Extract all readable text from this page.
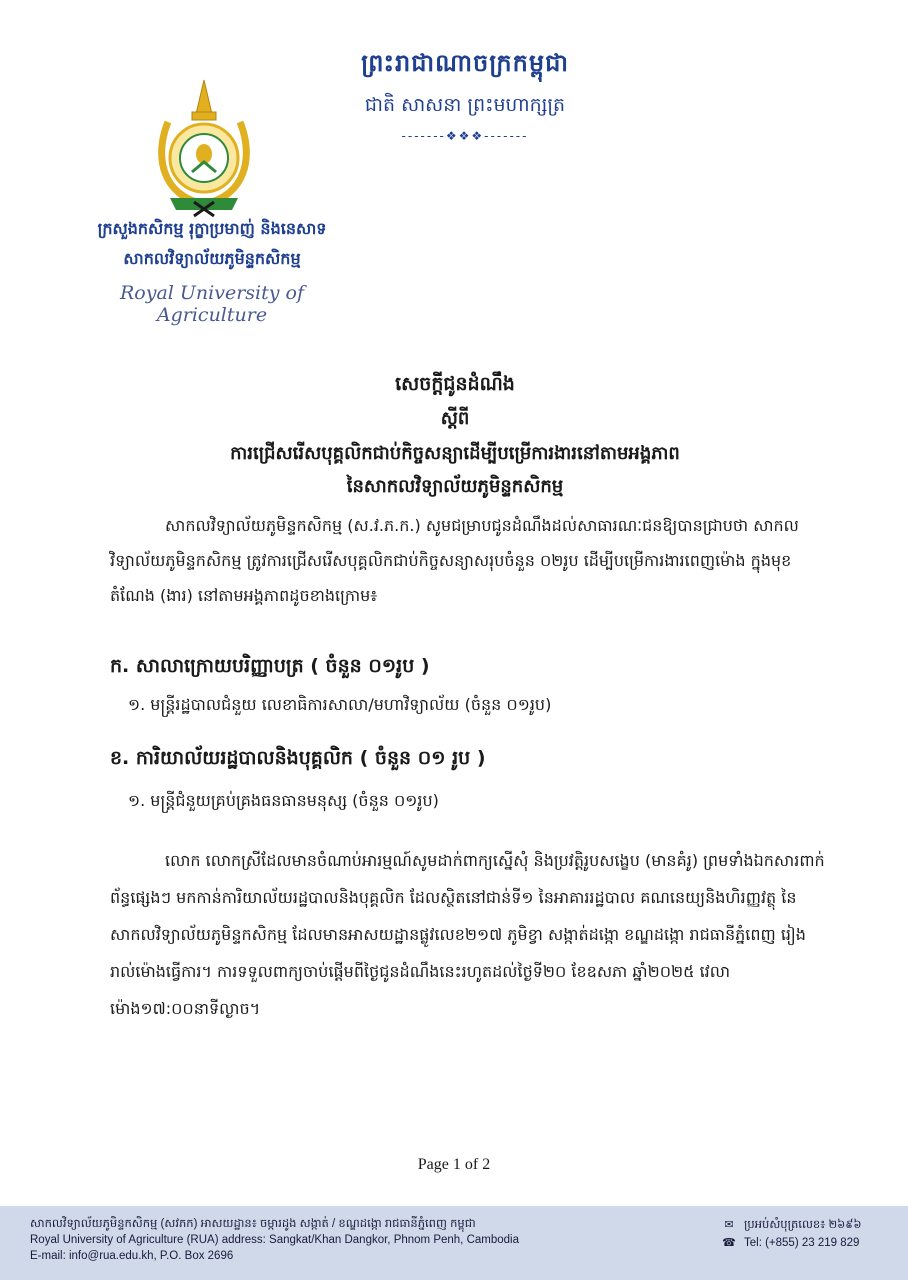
ព្រះរាជាណាចក្រកម្ពុជា
ជាតិ សាសនា ព្រះមហាក្សត្រ
-------❖❖❖-------
ក្រសួងកសិកម្ម រុក្ខាប្រមាញ់ និងនេសាទ
សាកលវិទ្យាល័យភូមិន្ទកសិកម្ម
Royal University of Agriculture
សេចក្តីជូនដំណឹង
ស្តីពី
ការជ្រើសរើសបុគ្គលិកជាប់កិច្ចសន្យាដើម្បីបម្រើការងារនៅតាមអង្គភាព
នៃសាកលវិទ្យាល័យភូមិន្ទកសិកម្ម
សាកលវិទ្យាល័យភូមិន្ទកសិកម្ម (ស.វ.ភ.ក.) សូមជម្រាបជូនដំណឹងដល់សាធារណៈជនឱ្យបានជ្រាបថា សាកលវិទ្យាល័យភូមិន្ទកសិកម្ម ត្រូវការជ្រើសរើសបុគ្គលិកជាប់កិច្ចសន្យាសរុបចំនួន ០២រូប ដើម្បីបម្រើការងារពេញម៉ោង ក្នុងមុខតំណែង (ងារ) នៅតាមអង្គភាពដូចខាងក្រោម៖
ក. សាលាក្រោយបរិញ្ញាបត្រ ( ចំនួន ០១រូប )
១. មន្ត្រីរដ្ឋបាលជំនួយ លេខាធិការសាលា/មហាវិទ្យាល័យ (ចំនួន ០១រូប)
ខ. ការិយាល័យរដ្ឋបាលនិងបុគ្គលិក ( ចំនួន ០១ រូប )
១. មន្ត្រីជំនួយគ្រប់គ្រងធនធានមនុស្ស (ចំនួន ០១រូប)
លោក លោកស្រីដែលមានចំណាប់អារម្មណ៍សូមដាក់ពាក្យស្នើសុំ និងប្រវត្តិរូបសង្ខេប (មានគំរូ) ព្រមទាំងឯកសារពាក់ព័ន្ធផ្សេងៗ មកកាន់ការិយាល័យរដ្ឋបាលនិងបុគ្គលិក ដែលស្ថិតនៅជាន់ទី១ នៃអាគាររដ្ឋបាល គណនេយ្យនិងហិរញ្ញវត្ថុ នៃសាកលវិទ្យាល័យភូមិន្ទកសិកម្ម ដែលមានអាសយដ្ឋានផ្លូវលេខ២១៧ ភូមិខ្វា សង្កាត់ដង្កោ ខណ្ឌដង្កោ រាជធានីភ្នំពេញ រៀងរាល់ម៉ោងធ្វើការ។ ការទទួលពាក្យចាប់ផ្តើមពីថ្ងៃជូនដំណឹងនេះរហូតដល់ថ្ងៃទី២០ ខែឧសភា ឆ្នាំ២០២៥ វេលាម៉ោង១៧:០០នាទីល្ងាច។
Page 1 of 2
សាកលវិទ្យាល័យភូមិន្ទកសិកម្ម (សវភក) អាសយដ្ឋាន៖ ចម្ការដូង សង្កាត់ / ខណ្ឌដង្កោ រាជធានីភ្នំពេញ កម្ពុជា
Royal University of Agriculture (RUA) address: Sangkat/Khan Dangkor, Phnom Penh, Cambodia
E-mail: info@rua.edu.kh, P.O. Box 2696
✉ ប្រអប់សំបុត្រលេខ៖ ២៦៩៦
☎ Tel: (+855) 23 219 829
